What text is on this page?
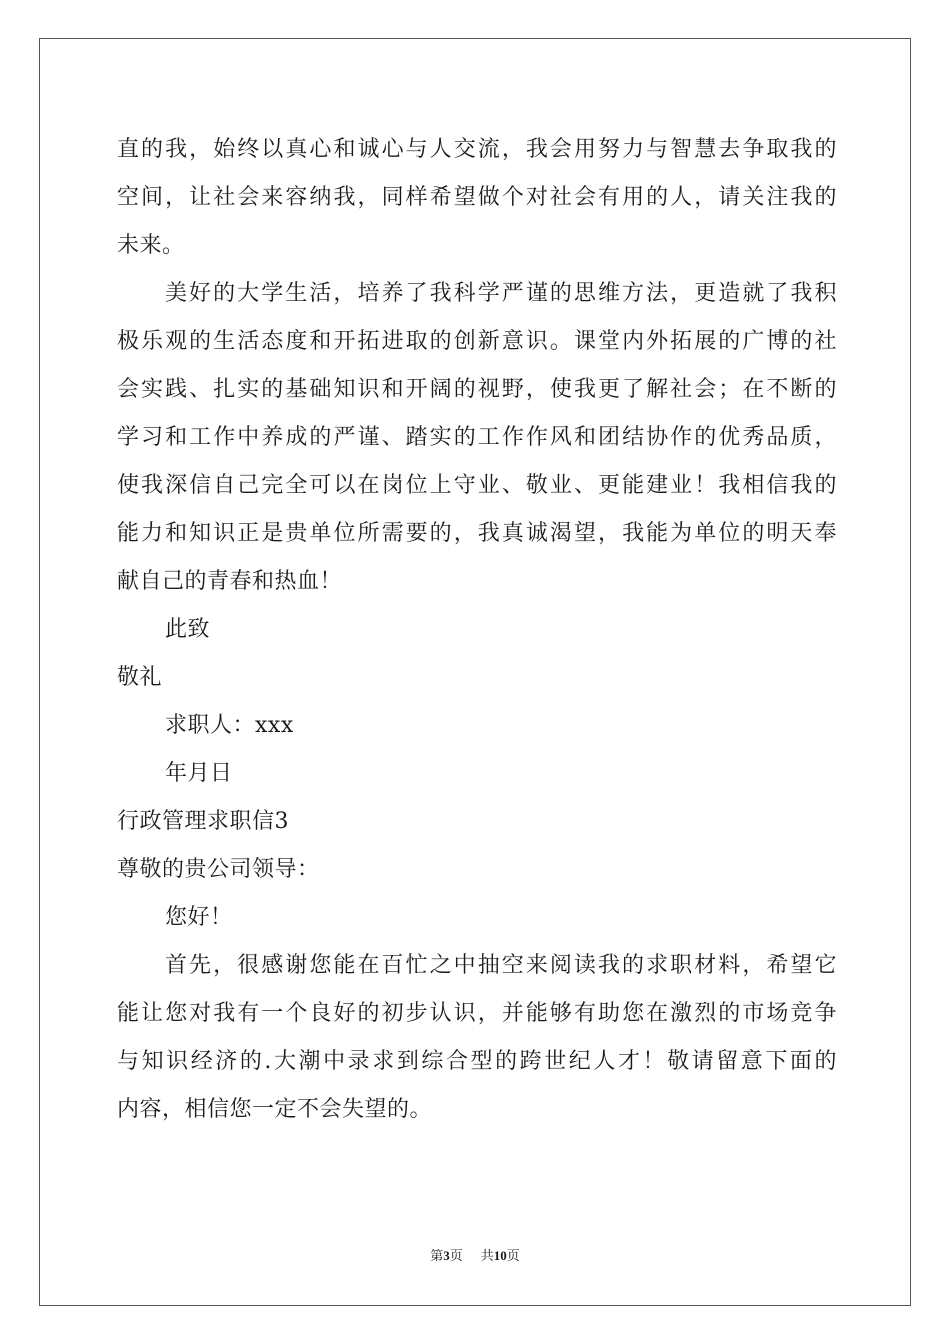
直的我，始终以真心和诚心与人交流，我会用努力与智慧去争取我的
空间，让社会来容纳我，同样希望做个对社会有用的人，请关注我的
未来。
美好的大学生活，培养了我科学严谨的思维方法，更造就了我积
极乐观的生活态度和开拓进取的创新意识。课堂内外拓展的广博的社
会实践、扎实的基础知识和开阔的视野，使我更了解社会；在不断的
学习和工作中养成的严谨、踏实的工作作风和团结协作的优秀品质，
使我深信自己完全可以在岗位上守业、敬业、更能建业！我相信我的
能力和知识正是贵单位所需要的，我真诚渴望，我能为单位的明天奉
献自己的青春和热血！
此致
敬礼
求职人：xxx
年月日
行政管理求职信3
尊敬的贵公司领导：
您好！
首先，很感谢您能在百忙之中抽空来阅读我的求职材料，希望它
能让您对我有一个良好的初步认识，并能够有助您在激烈的市场竞争
与知识经济的.大潮中录求到综合型的跨世纪人才！敬请留意下面的
内容，相信您一定不会失望的。
第3页 共10页
